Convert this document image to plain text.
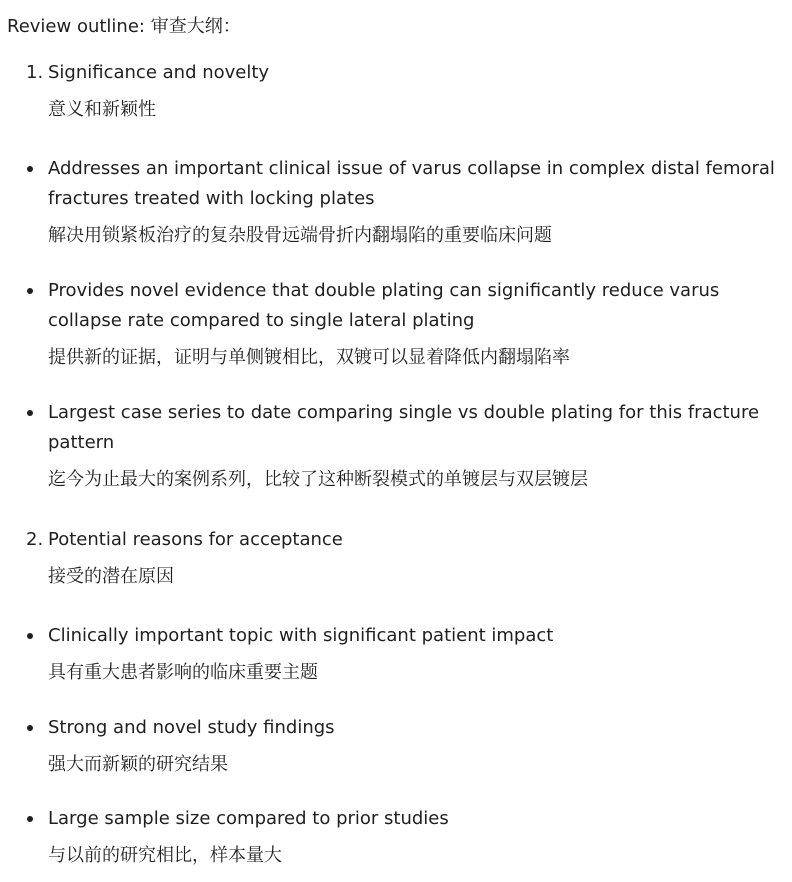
Review outline: 审查大纲：
1. Significance and novelty
意义和新颖性
Addresses an important clinical issue of varus collapse in complex distal femoral fractures treated with locking plates
解决用锁紧板治疗的复杂股骨远端骨折内翻塌陷的重要临床问题
Provides novel evidence that double plating can significantly reduce varus collapse rate compared to single lateral plating
提供新的证据，证明与单侧镀相比，双镀可以显着降低内翻塌陷率
Largest case series to date comparing single vs double plating for this fracture pattern
迄今为止最大的案例系列，比较了这种断裂模式的单镀层与双层镀层
2. Potential reasons for acceptance
接受的潜在原因
Clinically important topic with significant patient impact
具有重大患者影响的临床重要主题
Strong and novel study findings
强大而新颖的研究结果
Large sample size compared to prior studies
与以前的研究相比，样本量大
